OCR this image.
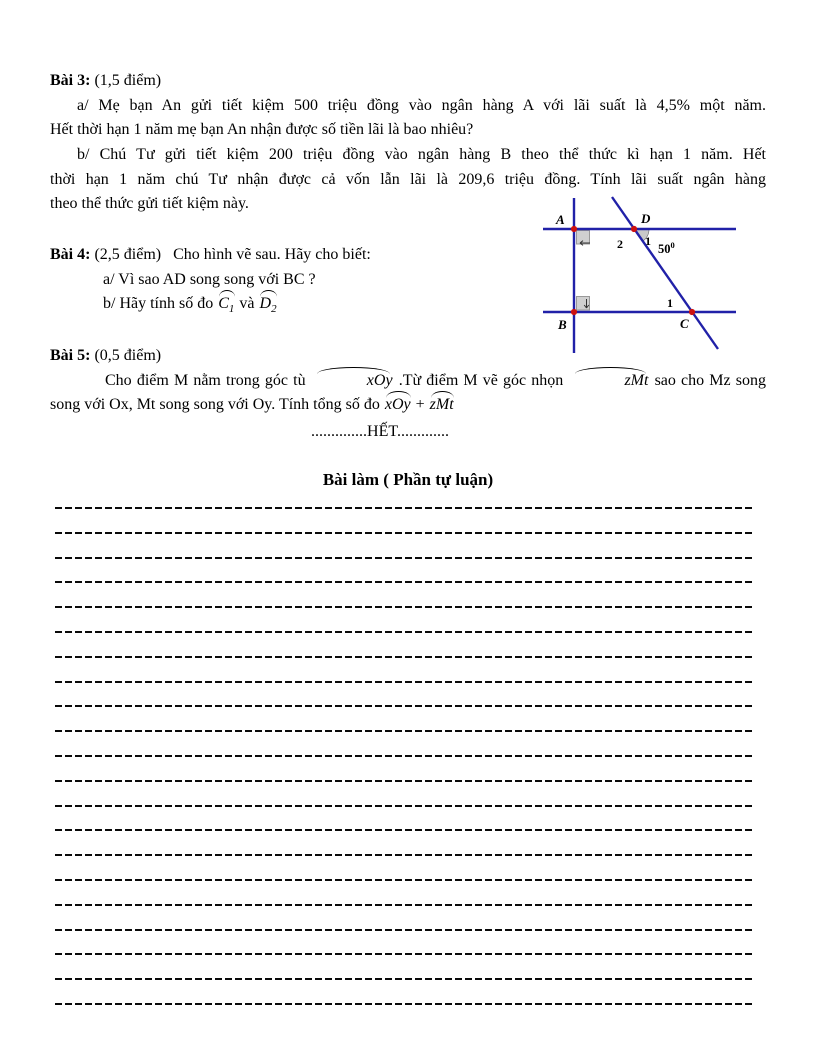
Bài 3: (1,5 điểm)
a/ Mẹ bạn An gửi tiết kiệm 500 triệu đồng vào ngân hàng A với lãi suất là 4,5% một năm.
Hết thời hạn 1 năm mẹ bạn An nhận được số tiền lãi là bao nhiêu?
b/ Chú Tư gửi tiết kiệm 200 triệu đồng vào ngân hàng B theo thể thức kì hạn 1 năm. Hết
thời hạn 1 năm chú Tư nhận được cả vốn lẫn lãi là 209,6 triệu đồng. Tính lãi suất ngân hàng
theo thể thức gửi tiết kiệm này.
Bài 4: (2,5 điểm)   Cho hình vẽ sau. Hãy cho biết:
a/ Vì sao AD song song với BC ?
b/ Hãy tính số đo $C_1$ và $D_2$
Bài 5: (0,5 điểm)
Cho điểm M nằm trong góc tù	xOy .Từ điểm M vẽ góc nhọn	zMt sao cho Mz song
song với Ox, Mt song song với Oy. Tính tổng số đo xOy + zMt
..............HẾT.............
Bài làm ( Phần tự luận)
A	D
B	C
2 1
1
$50^0$
